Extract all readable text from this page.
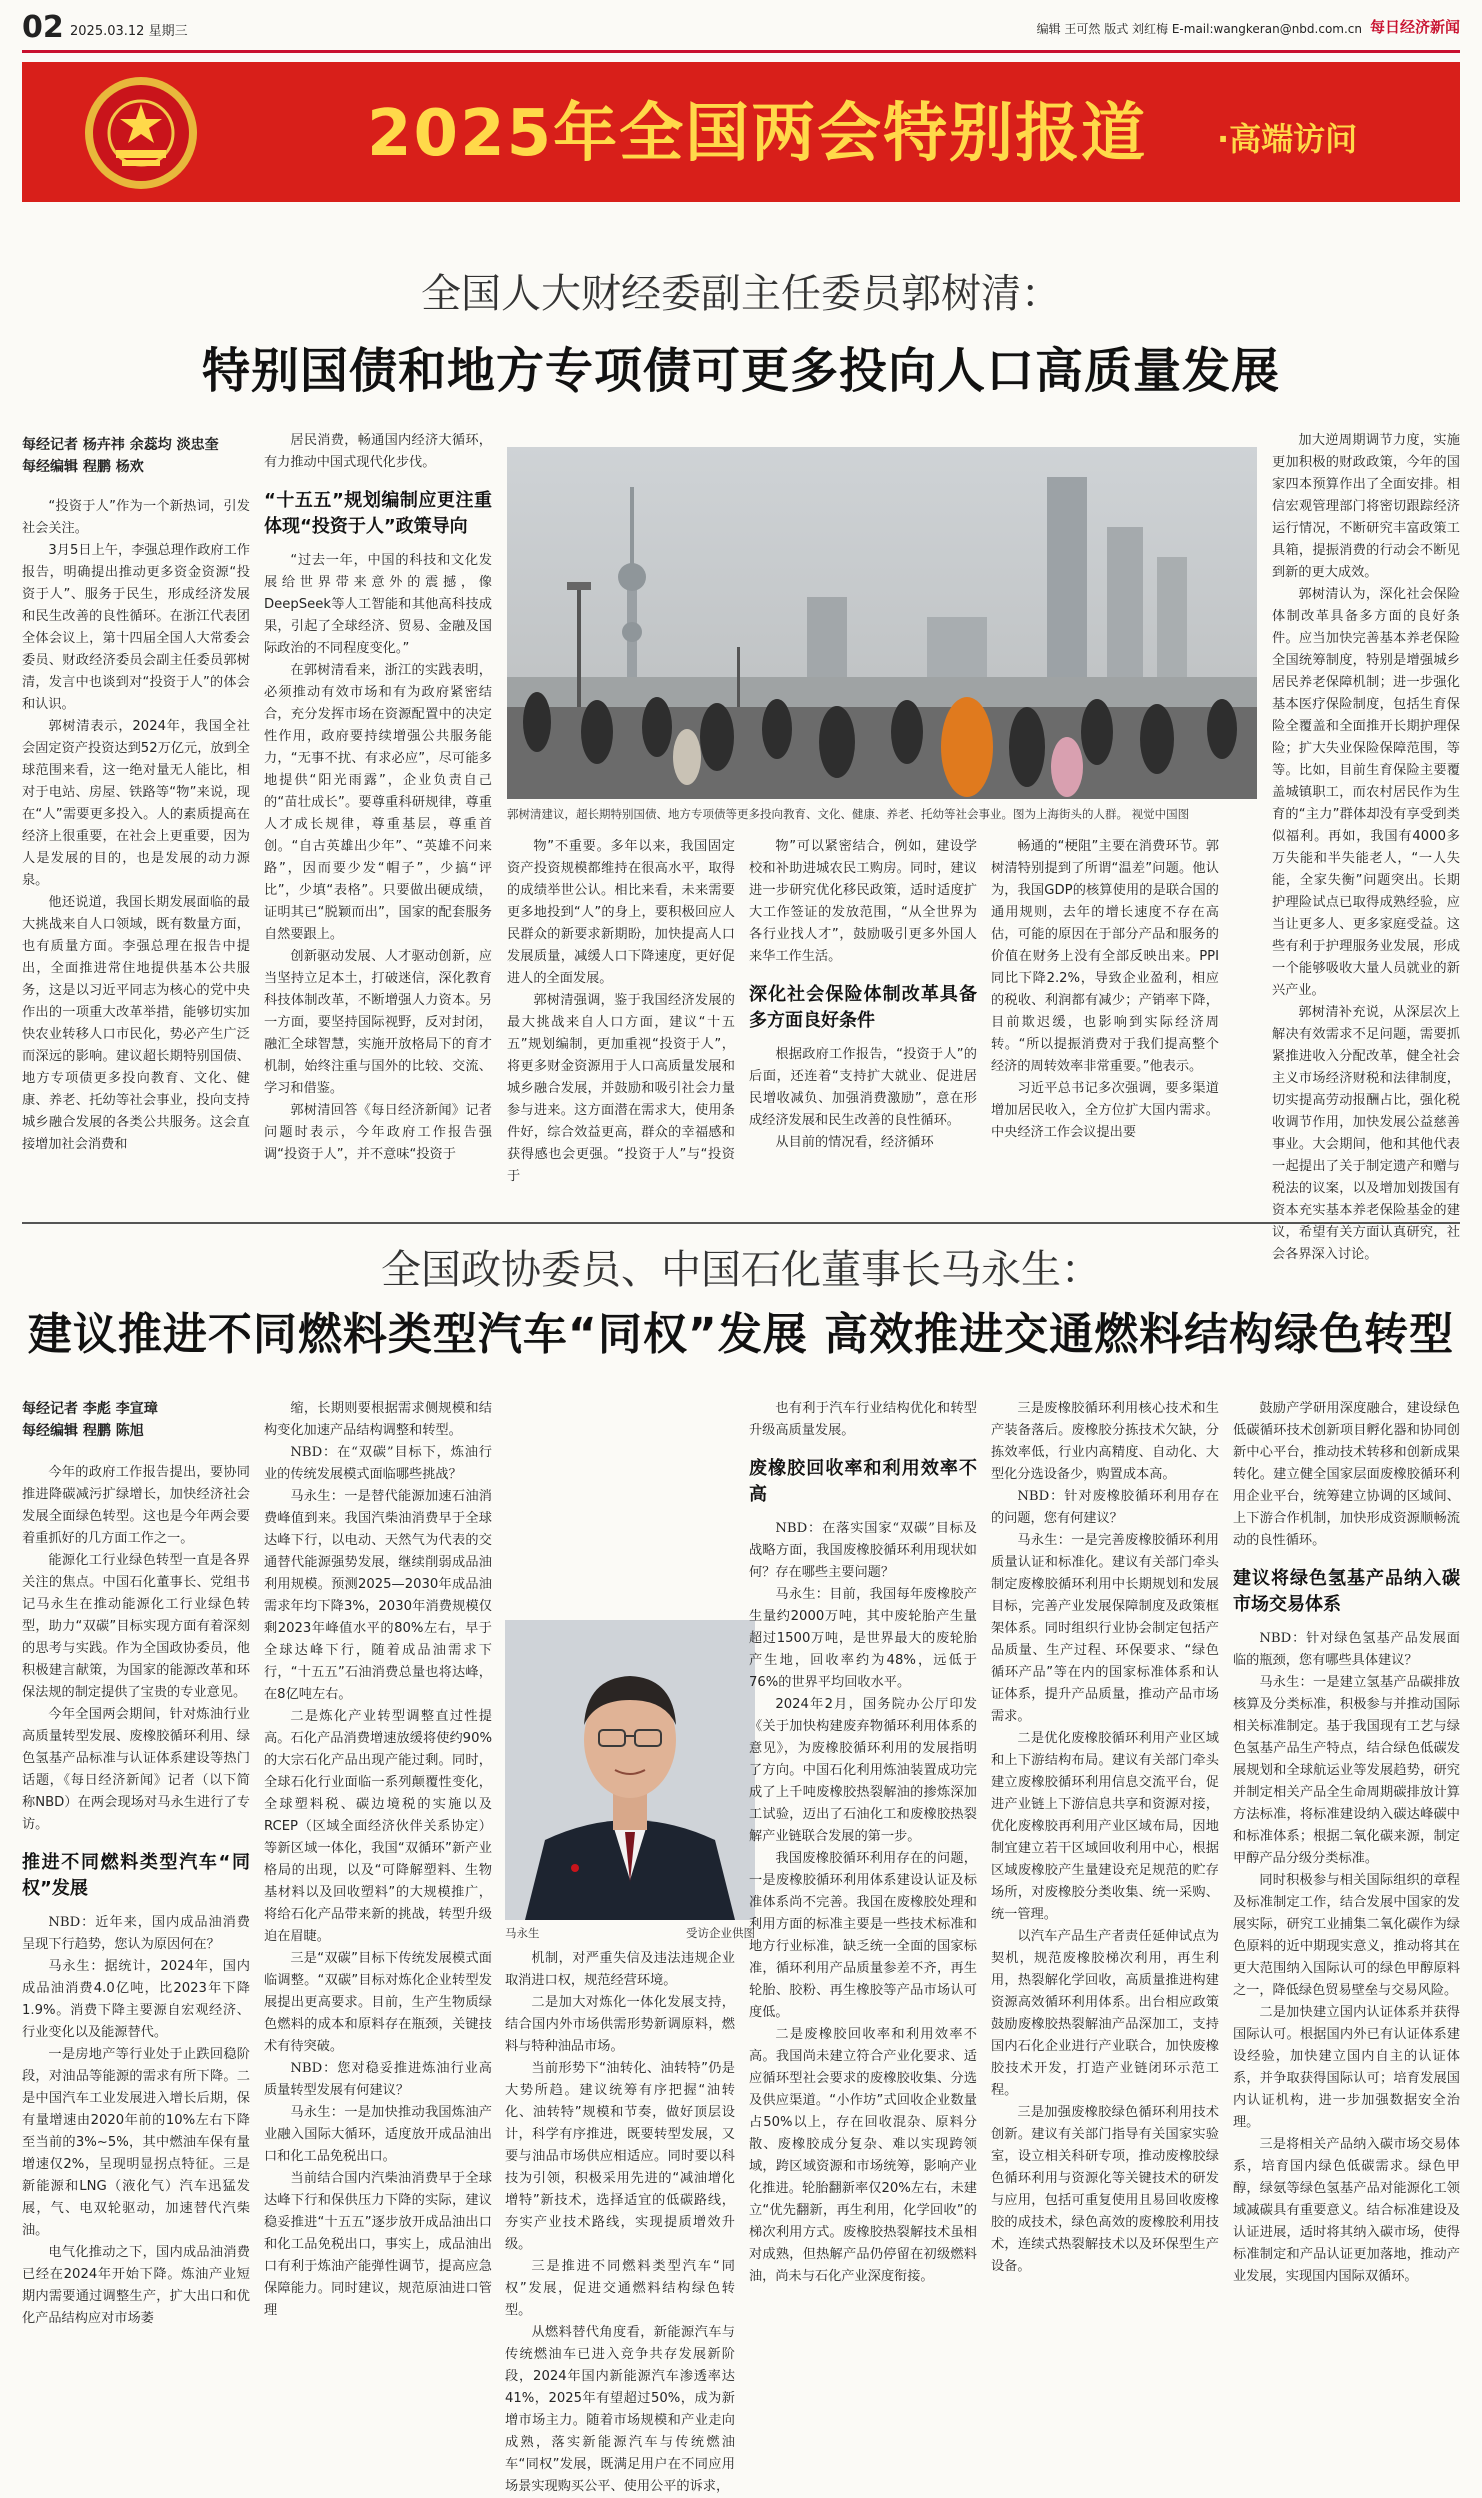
02 2025.03.12 星期三	编辑 王可然 版式 刘红梅 E-mail:wangkeran@nbd.com.cn 每日经济新闻
2025年全国两会特别报道 ·高端访问
全国人大财经委副主任委员郭树清：
特别国债和地方专项债可更多投向人口高质量发展
每经记者 杨卉祎 余蕊均 淡忠奎
每经编辑 程鹏 杨欢

“投资于人”作为一个新热词，引发社会关注。

3月5日上午，李强总理作政府工作报告，明确提出推动更多资金资源“投资于人”、服务于民生，形成经济发展和民生改善的良性循环。在浙江代表团全体会议上，第十四届全国人大常委会委员、财政经济委员会副主任委员郭树清，发言中也谈到对“投资于人”的体会和认识。

郭树清表示，2024年，我国全社会固定资产投资达到52万亿元，放到全球范围来看，这一绝对量无人能比，相对于电站、房屋、铁路等“物”来说，现在“人”需要更多投入。人的素质提高在经济上很重要，在社会上更重要，因为人是发展的目的，也是发展的动力源泉。

他还说道，我国长期发展面临的最大挑战来自人口领域，既有数量方面，也有质量方面。李强总理在报告中提出，全面推进常住地提供基本公共服务，这是以习近平同志为核心的党中央作出的一项重大改革举措，能够切实加快农业转移人口市民化，势必产生广泛而深远的影响。建议超长期特别国债、地方专项债更多投向教育、文化、健康、养老、托幼等社会事业，投向支持城乡融合发展的各类公共服务。这会直接增加社会消费和

居民消费，畅通国内经济大循环，有力推动中国式现代化步伐。

“十五五”规划编制应更注重体现“投资于人”政策导向

“过去一年，中国的科技和文化发展给世界带来意外的震撼，像DeepSeek等人工智能和其他高科技成果，引起了全球经济、贸易、金融及国际政治的不同程度变化。”

在郭树清看来，浙江的实践表明，必须推动有效市场和有为政府紧密结合，充分发挥市场在资源配置中的决定性作用，政府要持续增强公共服务能力，“无事不扰、有求必应”，尽可能多地提供“阳光雨露”，企业负责自己的“苗壮成长”。要尊重科研规律，尊重人才成长规律，尊重基层，尊重首创。“自古英雄出少年”、“英雄不问来路”，因而要少发“帽子”，少搞“评比”，少填“表格”。只要做出硬成绩，证明其已“脱颖而出”，国家的配套服务自然要跟上。

创新驱动发展、人才驱动创新，应当坚持立足本土，打破迷信，深化教育科技体制改革，不断增强人力资本。另一方面，要坚持国际视野，反对封闭，融汇全球智慧，实施开放格局下的育才机制，始终注重与国外的比较、交流、学习和借鉴。

郭树清回答《每日经济新闻》记者问题时表示，今年政府工作报告强调“投资于人”，并不意味“投资于

郭树清建议，超长期特别国债、地方专项债等更多投向教育、文化、健康、养老、托幼等社会事业。图为上海街头的人群。 视觉中国图

物”不重要。多年以来，我国固定资产投资规模都维持在很高水平，取得的成绩举世公认。相比来看，未来需要更多地投到“人”的身上，要积极回应人民群众的新要求新期盼，加快提高人口发展质量，减缓人口下降速度，更好促进人的全面发展。

郭树清强调，鉴于我国经济发展的最大挑战来自人口方面，建议“十五五”规划编制，更加重视“投资于人”，将更多财金资源用于人口高质量发展和城乡融合发展，并鼓励和吸引社会力量参与进来。这方面潜在需求大，使用条件好，综合效益更高，群众的幸福感和获得感也会更强。“投资于人”与“投资于

物”可以紧密结合，例如，建设学校和补助进城农民工购房。同时，建议进一步研究优化移民政策，适时适度扩大工作签证的发放范围，“从全世界为各行业找人才”，鼓励吸引更多外国人来华工作生活。

深化社会保险体制改革具备多方面良好条件

根据政府工作报告，“投资于人”的后面，还连着“支持扩大就业、促进居民增收减负、加强消费激励”，意在形成经济发展和民生改善的良性循环。

从目前的情况看，经济循环

畅通的“梗阻”主要在消费环节。郭树清特别提到了所谓“温差”问题。他认为，我国GDP的核算使用的是联合国的通用规则，去年的增长速度不存在高估，可能的原因在于部分产品和服务的价值在财务上没有全部反映出来。PPI同比下降2.2%，导致企业盈利，相应的税收、利润都有减少；产销率下降，目前欺迟缓，也影响到实际经济周转。“所以提振消费对于我们提高整个经济的周转效率非常重要。”他表示。

习近平总书记多次强调，要多渠道增加居民收入，全方位扩大国内需求。中央经济工作会议提出要

加大逆周期调节力度，实施更加积极的财政政策，今年的国家四本预算作出了全面安排。相信宏观管理部门将密切跟踪经济运行情况，不断研究丰富政策工具箱，提振消费的行动会不断见到新的更大成效。

郭树清认为，深化社会保险体制改革具备多方面的良好条件。应当加快完善基本养老保险全国统筹制度，特别是增强城乡居民养老保障机制；进一步强化基本医疗保险制度，包括生育保险全覆盖和全面推开长期护理保险；扩大失业保险保障范围，等等。比如，目前生育保险主要覆盖城镇职工，而农村居民作为生育的“主力”群体却没有享受到类似福利。再如，我国有4000多万失能和半失能老人，“一人失能，全家失衡”问题突出。长期护理险试点已取得成熟经验，应当让更多人、更多家庭受益。这些有利于护理服务业发展，形成一个能够吸收大量人员就业的新兴产业。

郭树清补充说，从深层次上解决有效需求不足问题，需要抓紧推进收入分配改革，健全社会主义市场经济财税和法律制度，切实提高劳动报酬占比，强化税收调节作用，加快发展公益慈善事业。大会期间，他和其他代表一起提出了关于制定遗产和赠与税法的议案，以及增加划拨国有资本充实基本养老保险基金的建议，希望有关方面认真研究，社会各界深入讨论。

全国政协委员、中国石化董事长马永生：
建议推进不同燃料类型汽车“同权”发展 高效推进交通燃料结构绿色转型
每经记者 李彪 李宣璋
每经编辑 程鹏 陈旭

今年的政府工作报告提出，要协同推进降碳减污扩绿增长，加快经济社会发展全面绿色转型。这也是今年两会要着重抓好的几方面工作之一。

能源化工行业绿色转型一直是各界关注的焦点。中国石化董事长、党组书记马永生在推动能源化工行业绿色转型，助力“双碳”目标实现方面有着深刻的思考与实践。作为全国政协委员，他积极建言献策，为国家的能源改革和环保法规的制定提供了宝贵的专业意见。

今年全国两会期间，针对炼油行业高质量转型发展、废橡胶循环利用、绿色氢基产品标准与认证体系建设等热门话题，《每日经济新闻》记者（以下简称NBD）在两会现场对马永生进行了专访。

推进不同燃料类型汽车“同权”发展

NBD：近年来，国内成品油消费呈现下行趋势，您认为原因何在？

马永生：据统计，2024年，国内成品油消费4.0亿吨，比2023年下降1.9%。消费下降主要源自宏观经济、行业变化以及能源替代。

一是房地产等行业处于止跌回稳阶段，对油品等能源的需求有所下降。二是中国汽车工业发展进入增长后期，保有量增速由2020年前的10%左右下降至当前的3%~5%，其中燃油车保有量增速仅2%，呈现明显拐点特征。三是新能源和LNG（液化气）汽车迅猛发展，气、电双轮驱动，加速替代汽柴油。

电气化推动之下，国内成品油消费已经在2024年开始下降。炼油产业短期内需要通过调整生产，扩大出口和优化产品结构应对市场萎

缩，长期则要根据需求侧规模和结构变化加速产品结构调整和转型。

NBD：在“双碳”目标下，炼油行业的传统发展模式面临哪些挑战？

马永生：一是替代能源加速石油消费峰值到来。我国汽柴油消费早于全球达峰下行，以电动、天然气为代表的交通替代能源强势发展，继续削弱成品油利用规模。预测2025—2030年成品油需求年均下降3%，2030年消费规模仅剩2023年峰值水平的80%左右，早于全球达峰下行，随着成品油需求下行，“十五五”石油消费总量也将达峰，在8亿吨左右。

二是炼化产业转型调整直过性提高。石化产品消费增速放缓将使约90%的大宗石化产品出现产能过剩。同时，全球石化行业面临一系列颠覆性变化，全球塑料税、碳边境税的实施以及RCEP（区域全面经济伙伴关系协定）等新区域一体化，我国“双循环”新产业格局的出现，以及“可降解塑料、生物基材料以及回收塑料”的大规模推广，将给石化产品带来新的挑战，转型升级迫在眉睫。

三是“双碳”目标下传统发展模式面临调整。“双碳”目标对炼化企业转型发展提出更高要求。目前，生产生物质绿色燃料的成本和原料存在瓶颈，关键技术有待突破。

NBD：您对稳妥推进炼油行业高质量转型发展有何建议？

马永生：一是加快推动我国炼油产业融入国际大循环，适度放开成品油出口和化工品免税出口。

当前结合国内汽柴油消费早于全球达峰下行和保供压力下降的实际，建议稳妥推进“十五五”逐步放开成品油出口和化工品免税出口，事实上，成品油出口有利于炼油产能弹性调节，提高应急保障能力。同时建议，规范原油进口管理

马永生	受访企业供图

机制，对严重失信及违法违规企业取消进口权，规范经营环境。

二是加大对炼化一体化发展支持，结合国内外市场供需形势新调原料，燃料与特种油品市场。

当前形势下“油转化、油转特”仍是大势所趋。建议统筹有序把握“油转化、油转特”规模和节奏，做好顶层设计，科学有序推进，既要转型发展，又要与油品市场供应相适应。同时要以科技为引领，积极采用先进的“减油增化增特”新技术，选择适宜的低碳路线，夯实产业技术路线，实现提质增效升级。

三是推进不同燃料类型汽车“同权”发展，促进交通燃料结构绿色转型。

从燃料替代角度看，新能源汽车与传统燃油车已进入竞争共存发展新阶段，2024年国内新能源汽车渗透率达41%，2025年有望超过50%，成为新增市场主力。随着市场规模和产业走向成熟，落实新能源汽车与传统燃油车“同权”发展，既满足用户在不同应用场景实现购买公平、使用公平的诉求，

也有利于汽车行业结构优化和转型升级高质量发展。

废橡胶回收率和利用效率不高

NBD：在落实国家“双碳”目标及战略方面，我国废橡胶循环利用现状如何？存在哪些主要问题？

马永生：目前，我国每年废橡胶产生量约2000万吨，其中废轮胎产生量超过1500万吨，是世界最大的废轮胎产生地，回收率约为48%，远低于76%的世界平均回收水平。

2024年2月，国务院办公厅印发《关于加快构建废弃物循环利用体系的意见》，为废橡胶循环利用的发展指明了方向。中国石化利用炼油装置成功完成了上千吨废橡胶热裂解油的掺炼深加工试验，迈出了石油化工和废橡胶热裂解产业链联合发展的第一步。

我国废橡胶循环利用存在的问题，一是废橡胶循环利用体系建设认证及标准体系尚不完善。我国在废橡胶处理和利用方面的标准主要是一些技术标准和地方行业标准，缺乏统一全面的国家标准，循环利用产品质量参差不齐，再生轮胎、胶粉、再生橡胶等产品市场认可度低。

二是废橡胶回收率和利用效率不高。我国尚未建立符合产业化要求、适应循环型社会要求的废橡胶收集、分选及供应渠道。“小作坊”式回收企业数量占50%以上，存在回收混杂、原料分散、废橡胶成分复杂、难以实现跨领域，跨区域资源和市场统筹，影响产业化推进。轮胎翻新率仅20%左右，未建立“优先翻新，再生利用，化学回收”的梯次利用方式。废橡胶热裂解技术虽相对成熟，但热解产品仍停留在初级燃料油，尚未与石化产业深度衔接。

三是废橡胶循环利用核心技术和生产装备落后。废橡胶分拣技术欠缺，分拣效率低，行业内高精度、自动化、大型化分选设备少，购置成本高。

NBD：针对废橡胶循环利用存在的问题，您有何建议？

马永生：一是完善废橡胶循环利用质量认证和标准化。建议有关部门牵头制定废橡胶循环利用中长期规划和发展目标，完善产业发展保障制度及政策框架体系。同时组织行业协会制定包括产品质量、生产过程、环保要求、“绿色循环产品”等在内的国家标准体系和认证体系，提升产品质量，推动产品市场需求。

二是优化废橡胶循环利用产业区域和上下游结构布局。建议有关部门牵头建立废橡胶循环利用信息交流平台，促进产业链上下游信息共享和资源对接，优化废橡胶再利用产业区域布局，因地制宜建立若干区域回收利用中心，根据区域废橡胶产生量建设充足规范的贮存场所，对废橡胶分类收集、统一采购、统一管理。

以汽车产品生产者责任延伸试点为契机，规范废橡胶梯次利用，再生利用，热裂解化学回收，高质量推进构建资源高效循环利用体系。出台相应政策鼓励废橡胶热裂解油产品深加工，支持国内石化企业进行产业联合，加快废橡胶技术开发，打造产业链闭环示范工程。

三是加强废橡胶绿色循环利用技术创新。建议有关部门指导有关国家实验室，设立相关科研专项，推动废橡胶绿色循环利用与资源化等关键技术的研发与应用，包括可重复使用且易回收废橡胶的成技术，绿色高效的废橡胶利用技术，连续式热裂解技术以及环保型生产设备。

鼓励产学研用深度融合，建设绿色低碳循环技术创新项目孵化器和协同创新中心平台，推动技术转移和创新成果转化。建立健全国家层面废橡胶循环利用企业平台，统筹建立协调的区域间、上下游合作机制，加快形成资源顺畅流动的良性循环。

建议将绿色氢基产品纳入碳市场交易体系

NBD：针对绿色氢基产品发展面临的瓶颈，您有哪些具体建议？

马永生：一是建立氢基产品碳排放核算及分类标准，积极参与并推动国际相关标准制定。基于我国现有工艺与绿色氢基产品生产特点，结合绿色低碳发展规划和全球航运业等发展趋势，研究并制定相关产品全生命周期碳排放计算方法标准，将标准建设纳入碳达峰碳中和标准体系；根据二氧化碳来源，制定甲醇产品分级分类标准。

同时积极参与相关国际组织的章程及标准制定工作，结合发展中国家的发展实际，研究工业捕集二氧化碳作为绿色原料的近中期现实意义，推动将其在更大范围纳入国际认可的绿色甲醇原料之一，降低绿色贸易壁垒与交易风险。

二是加快建立国内认证体系并获得国际认可。根据国内外已有认证体系建设经验，加快建立国内自主的认证体系，并争取获得国际认可；培育发展国内认证机构，进一步加强数据安全治理。

三是将相关产品纳入碳市场交易体系，培育国内绿色低碳需求。绿色甲醇，绿氨等绿色氢基产品对能源化工领域减碳具有重要意义。结合标准建设及认证进展，适时将其纳入碳市场，使得标准制定和产品认证更加落地，推动产业发展，实现国内国际双循环。
